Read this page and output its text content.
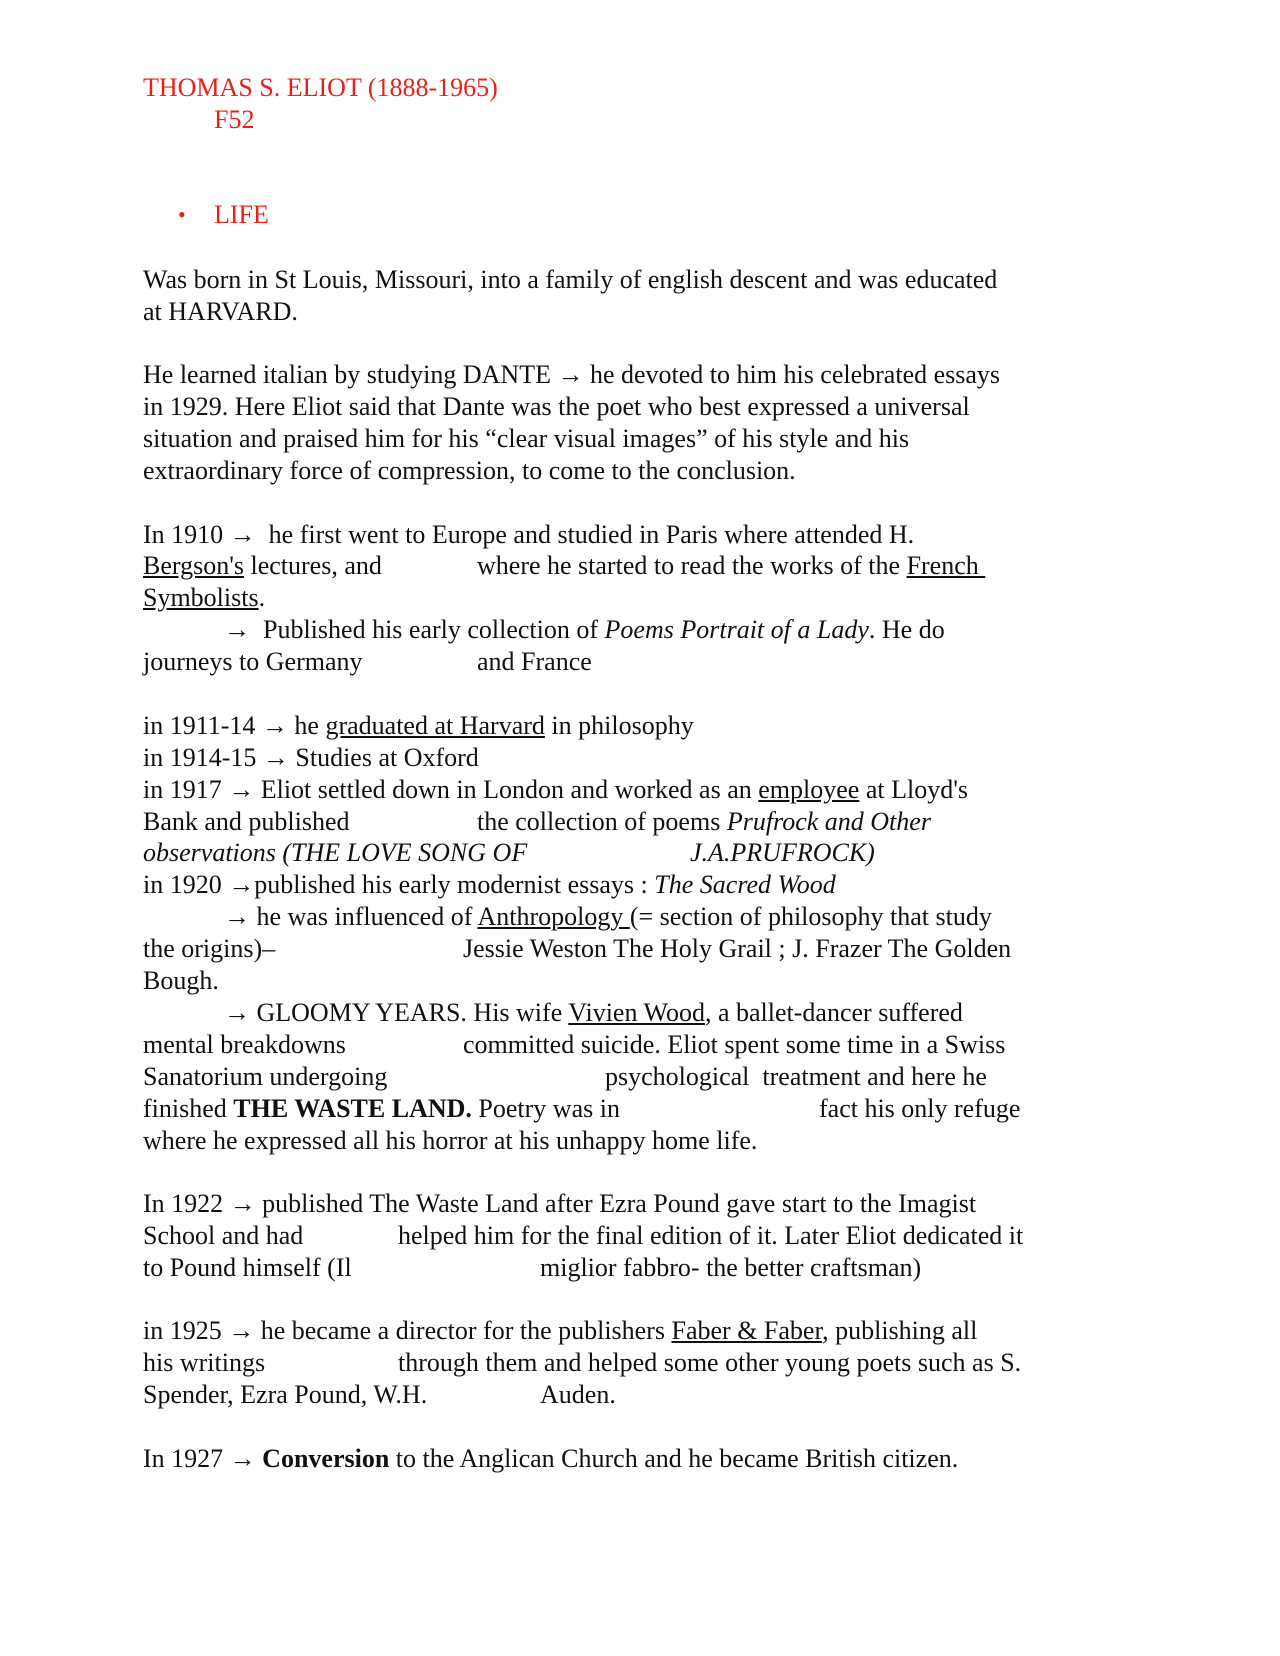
THOMAS S. ELIOT (1888-1965)
F52
• LIFE
Was born in St Louis, Missouri, into a family of english descent and was educated
at HARVARD.
He learned italian by studying DANTE → he devoted to him his celebrated essays
in 1929. Here Eliot said that Dante was the poet who best expressed a universal
situation and praised him for his “clear visual images” of his style and his
extraordinary force of compression, to come to the conclusion.
In 1910 →  he first went to Europe and studied in Paris where attended H.
Bergson's lectures, and	where he started to read the works of the French
Symbolists.
→  Published his early collection of Poems Portrait of a Lady. He do
journeys to Germany	and France
in 1911-14 → he graduated at Harvard in philosophy
in 1914-15 → Studies at Oxford
in 1917 → Eliot settled down in London and worked as an employee at Lloyd's
Bank and published	the collection of poems Prufrock and Other
observations (THE LOVE SONG OF	J.A.PRUFROCK)
in 1920 →published his early modernist essays : The Sacred Wood
→ he was influenced of Anthropology (= section of philosophy that study
the origins)–	Jessie Weston The Holy Grail ; J. Frazer The Golden
Bough.
→ GLOOMY YEARS. His wife Vivien Wood, a ballet-dancer suffered
mental breakdowns	committed suicide. Eliot spent some time in a Swiss
Sanatorium undergoing	psychological  treatment and here he
finished THE WASTE LAND. Poetry was in	fact his only refuge
where he expressed all his horror at his unhappy home life.
In 1922 → published The Waste Land after Ezra Pound gave start to the Imagist
School and had	helped him for the final edition of it. Later Eliot dedicated it
to Pound himself (Il	miglior fabbro- the better craftsman)
in 1925 → he became a director for the publishers Faber & Faber, publishing all
his writings	through them and helped some other young poets such as S.
Spender, Ezra Pound, W.H.	Auden.
In 1927 → Conversion to the Anglican Church and he became British citizen.
